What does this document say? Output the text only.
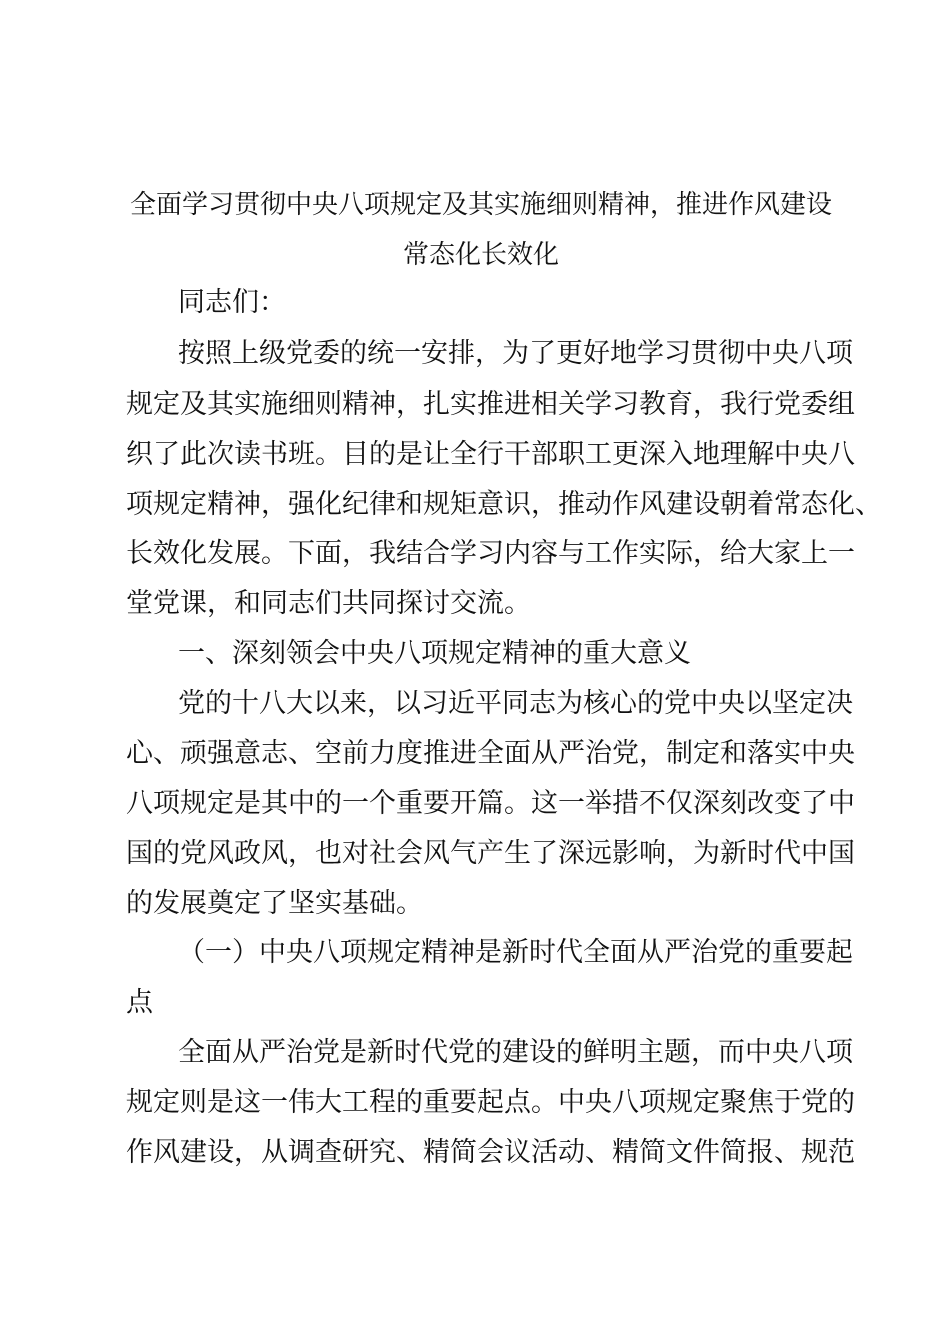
全面学习贯彻中央八项规定及其实施细则精神，推进作风建设
常态化长效化
同志们：
按照上级党委的统一安排，为了更好地学习贯彻中央八项
规定及其实施细则精神，扎实推进相关学习教育，我行党委组
织了此次读书班。目的是让全行干部职工更深入地理解中央八
项规定精神，强化纪律和规矩意识，推动作风建设朝着常态化、
长效化发展。下面，我结合学习内容与工作实际，给大家上一
堂党课，和同志们共同探讨交流。
一、深刻领会中央八项规定精神的重大意义
党的十八大以来，以习近平同志为核心的党中央以坚定决
心、顽强意志、空前力度推进全面从严治党，制定和落实中央
八项规定是其中的一个重要开篇。这一举措不仅深刻改变了中
国的党风政风，也对社会风气产生了深远影响，为新时代中国
的发展奠定了坚实基础。
（一）中央八项规定精神是新时代全面从严治党的重要起
点
全面从严治党是新时代党的建设的鲜明主题，而中央八项
规定则是这一伟大工程的重要起点。中央八项规定聚焦于党的
作风建设，从调查研究、精简会议活动、精简文件简报、规范
